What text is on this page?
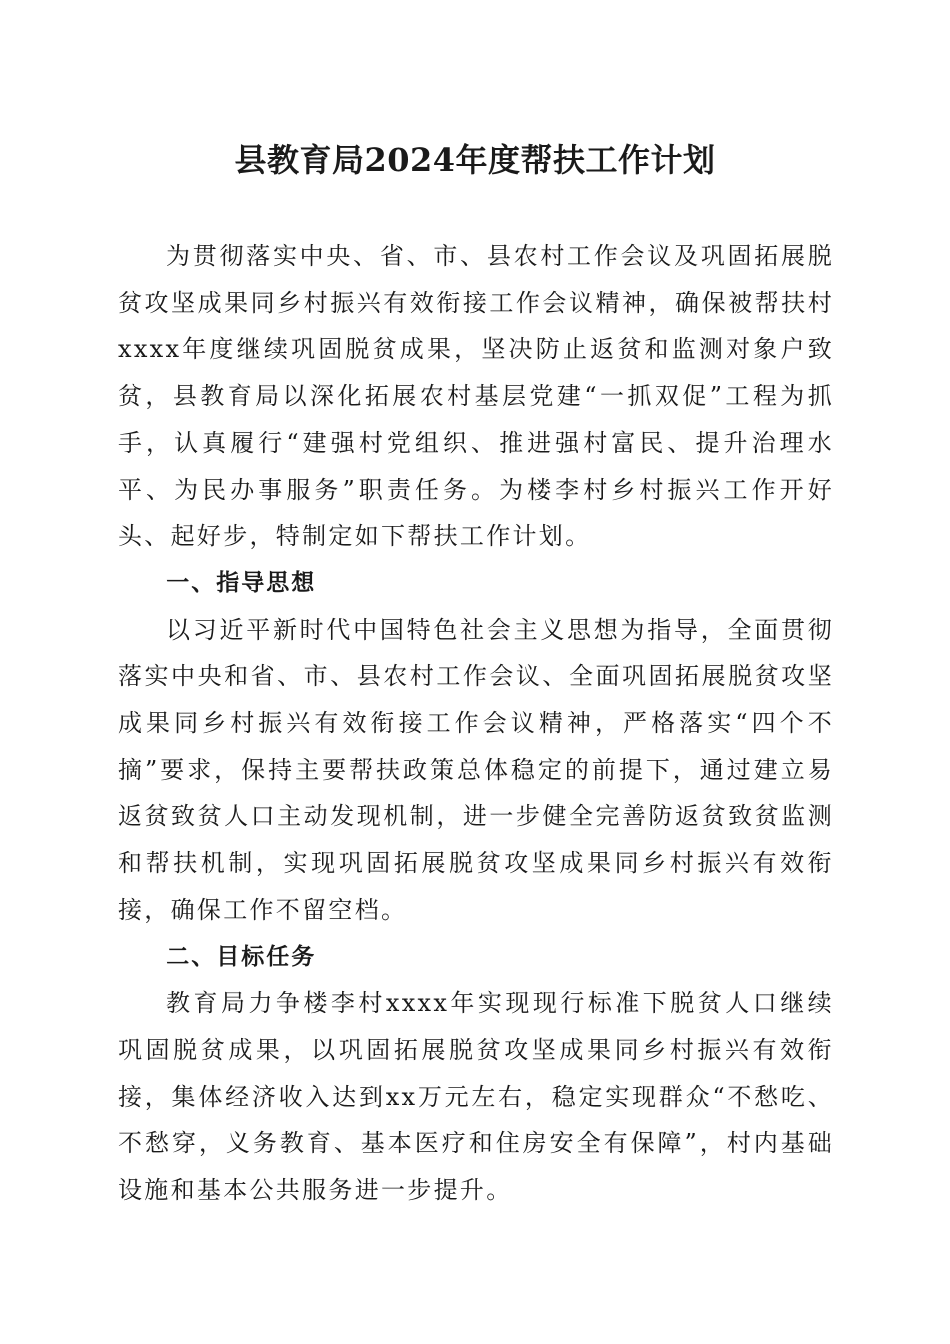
县教育局2024年度帮扶工作计划

为贯彻落实中央、省、市、县农村工作会议及巩固拓展脱贫攻坚成果同乡村振兴有效衔接工作会议精神，确保被帮扶村xxxx年度继续巩固脱贫成果，坚决防止返贫和监测对象户致贫，县教育局以深化拓展农村基层党建“一抓双促”工程为抓手，认真履行“建强村党组织、推进强村富民、提升治理水平、为民办事服务”职责任务。为楼李村乡村振兴工作开好头、起好步，特制定如下帮扶工作计划。

一、指导思想

以习近平新时代中国特色社会主义思想为指导，全面贯彻落实中央和省、市、县农村工作会议、全面巩固拓展脱贫攻坚成果同乡村振兴有效衔接工作会议精神，严格落实“四个不摘”要求，保持主要帮扶政策总体稳定的前提下，通过建立易返贫致贫人口主动发现机制，进一步健全完善防返贫致贫监测和帮扶机制，实现巩固拓展脱贫攻坚成果同乡村振兴有效衔接，确保工作不留空档。

二、目标任务

教育局力争楼李村xxxx年实现现行标准下脱贫人口继续巩固脱贫成果，以巩固拓展脱贫攻坚成果同乡村振兴有效衔接，集体经济收入达到xx万元左右，稳定实现群众“不愁吃、不愁穿，义务教育、基本医疗和住房安全有保障”，村内基础设施和基本公共服务进一步提升。
